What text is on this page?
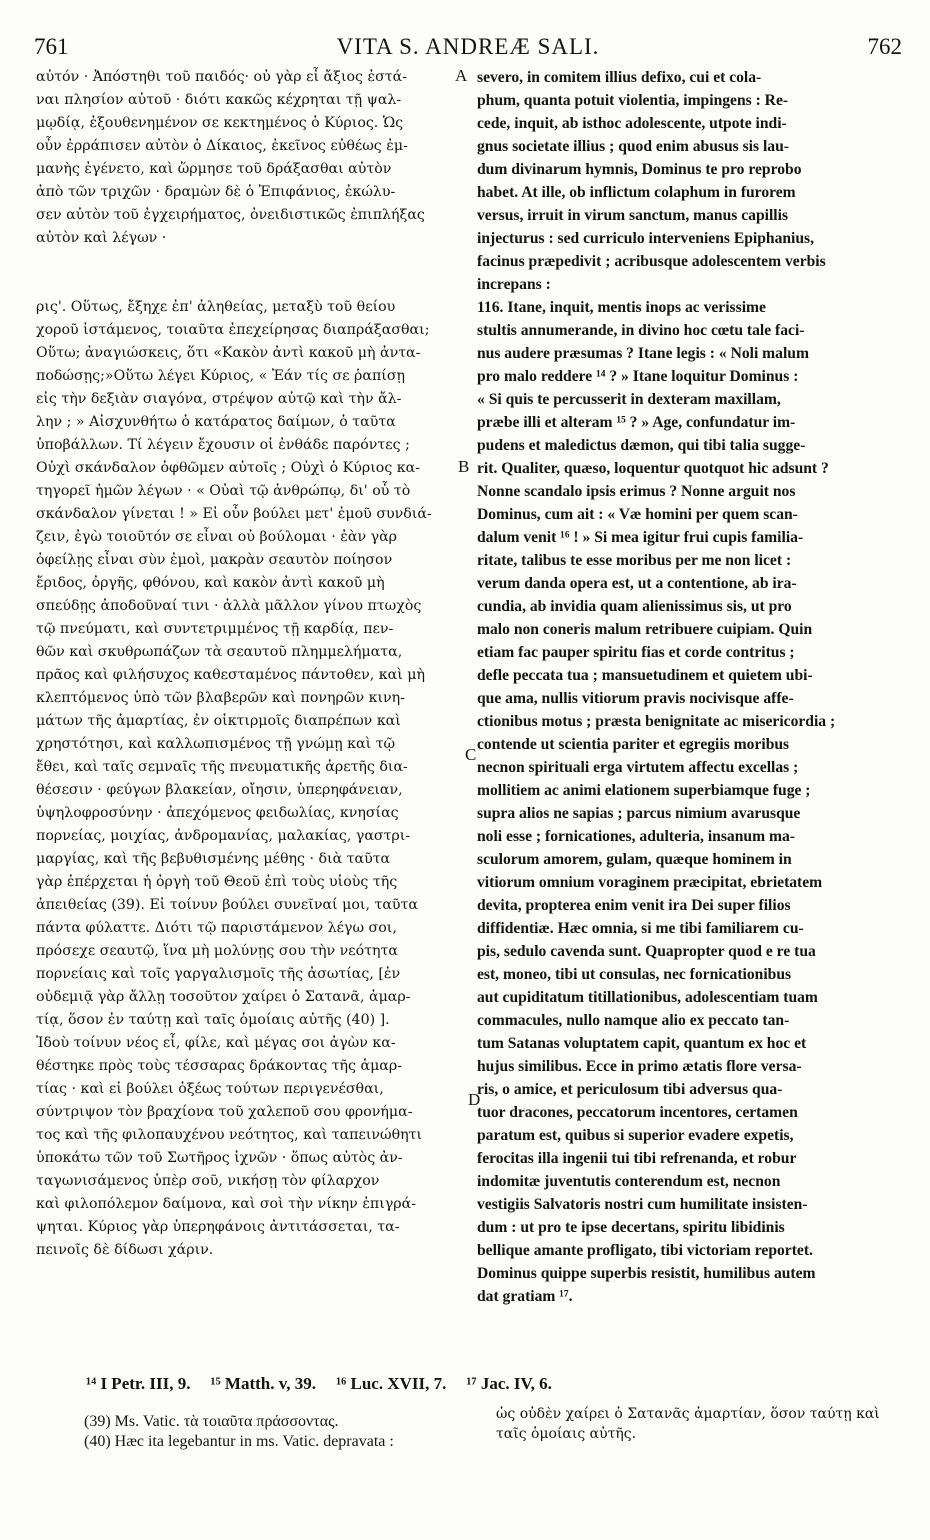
761	VITA S. ANDREÆ SALI.	762
αὐτόν · Ἀπόστηθι τοῦ παιδός· οὐ γὰρ εἶ ἄξιος ἐστά-
ναι πλησίον αὐτοῦ · διότι κακῶς κέχρηται τῇ ψαλ-
μῳδίᾳ, ἐξουθενημένον σε κεκτημένος ὁ Κύριος. Ὡς
οὖν ἐρράπισεν αὐτὸν ὁ Δίκαιος, ἐκεῖνος εὐθέως ἐμ-
μανὴς ἐγένετο, καὶ ὥρμησε τοῦ δράξασθαι αὐτὸν
ἀπὸ τῶν τριχῶν · δραμὼν δὲ ὁ Ἐπιφάνιος, ἐκώλυ-
σεν αὐτὸν τοῦ ἐγχειρήματος, ὀνειδιστικῶς ἐπιπλήξας
αὐτὸν καὶ λέγων ·
ρις'. Οὕτως, ἔξηχε ἐπ' ἀληθείας, μεταξὺ τοῦ θείου
χοροῦ ἱστάμενος, τοιαῦτα ἐπεχείρησας διαπράξασθαι;
Οὕτω; ἀναγιώσκεις, ὅτι «Κακὸν ἀντὶ κακοῦ μὴ ἀντα-
ποδώσῃς;»Οὕτω λέγει Κύριος, « Ἐάν τίς σε ῥαπίσῃ
εἰς τὴν δεξιὰν σιαγόνα, στρέψον αὐτῷ καὶ τὴν ἄλ-
λην ; » Αἰσχυνθήτω ὁ κατάρατος δαίμων, ὁ ταῦτα
ὑποβάλλων. Τί λέγειν ἔχουσιν οἱ ἐνθάδε παρόντες ;
Οὐχὶ σκάνδαλον ὀφθῶμεν αὐτοῖς ; Οὐχὶ ὁ Κύριος κα-
τηγορεῖ ἡμῶν λέγων · « Οὐαὶ τῷ ἀνθρώπῳ, δι' οὗ τὸ
σκάνδαλον γίνεται ! » Εἰ οὖν βούλει μετ' ἐμοῦ συνδιά-
ζειν, ἐγὼ τοιοῦτόν σε εἶναι οὐ βούλομαι · ἐὰν γὰρ
ὀφείλῃς εἶναι σὺν ἐμοὶ, μακρὰν σεαυτὸν ποίησον
ἔριδος, ὀργῆς, φθόνου, καὶ κακὸν ἀντὶ κακοῦ μὴ
σπεύδῃς ἀποδοῦναί τινι · ἀλλὰ μᾶλλον γίνου πτωχὸς
τῷ πνεύματι, καὶ συντετριμμένος τῇ καρδίᾳ, πεν-
θῶν καὶ σκυθρωπάζων τὰ σεαυτοῦ πλημμελήματα,
πρᾶος καὶ φιλήσυχος καθεσταμένος πάντοθεν, καὶ μὴ
κλεπτόμενος ὑπὸ τῶν βλαβερῶν καὶ πονηρῶν κινη-
μάτων τῆς ἁμαρτίας, ἐν οἰκτιρμοῖς διαπρέπων καὶ
χρηστότησι, καὶ καλλωπισμένος τῇ γνώμῃ καὶ τῷ
ἔθει, καὶ ταῖς σεμναῖς τῆς πνευματικῆς ἀρετῆς δια-
θέσεσιν · φεύγων βλακείαν, οἴησιν, ὑπερηφάνειαν,
ὑψηλοφροσύνην · ἀπεχόμενος φειδωλίας, κνησίας
πορνείας, μοιχίας, ἀνδρομανίας, μαλακίας, γαστρι-
μαργίας, καὶ τῆς βεβυθισμένης μέθης · διὰ ταῦτα
γὰρ ἐπέρχεται ἡ ὀργὴ τοῦ Θεοῦ ἐπὶ τοὺς υἱοὺς τῆς
ἀπειθείας (39). Εἰ τοίνυν βούλει συνεῖναί μοι, ταῦτα
πάντα φύλαττε. Διότι τῷ παριστάμενον λέγω σοι,
πρόσεχε σεαυτῷ, ἵνα μὴ μολύνῃς σου τὴν νεότητα
πορνείαις καὶ τοῖς γαργαλισμοῖς τῆς ἀσωτίας, [ἐν
οὐδεμιᾷ γὰρ ἄλλῃ τοσοῦτον χαίρει ὁ Σατανᾶ, ἁμαρ-
τίᾳ, ὅσον ἐν ταύτῃ καὶ ταῖς ὁμοίαις αὐτῆς (40) ].
Ἰδοὺ τοίνυν νέος εἶ, φίλε, καὶ μέγας σοι ἀγὼν κα-
θέστηκε πρὸς τοὺς τέσσαρας δράκοντας τῆς ἁμαρ-
τίας · καὶ εἰ βούλει ὀξέως τούτων περιγενέσθαι,
σύντριψον τὸν βραχίονα τοῦ χαλεποῦ σου φρονήμα-
τος καὶ τῆς φιλοπαυχένου νεότητος, καὶ ταπεινώθητι
ὑποκάτω τῶν τοῦ Σωτῆρος ἰχνῶν · ὅπως αὐτὸς ἀν-
ταγωνισάμενος ὑπὲρ σοῦ, νικήσῃ τὸν φίλαρχον
καὶ φιλοπόλεμον δαίμονα, καὶ σοὶ τὴν νίκην ἐπιγρά-
ψηται. Κύριος γὰρ ὑπερηφάνοις ἀντιτάσσεται, τα-
πεινοῖς δὲ δίδωσι χάριν.
severo, in comitem illius defixo, cui et cola-
phum, quanta potuit violentia, impingens : Re-
cede, inquit, ab isthoc adolescente, utpote indi-
gnus societate illius ; quod enim abusus sis lau-
dum divinarum hymnis, Dominus te pro reprobo
habet. At ille, ob inflictum colaphum in furorem
versus, irruit in virum sanctum, manus capillis
injecturus : sed curriculo interveniens Epiphanius,
facinus præpedivit ; acribusque adolescentem verbis
increpans :
116. Itane, inquit, mentis inops ac verissime
stultis annumerande, in divino hoc cœtu tale faci-
nus audere præsumas ? Itane legis : « Noli malum
pro malo reddere ¹⁴ ? » Itane loquitur Dominus :
« Si quis te percusserit in dexteram maxillam,
præbe illi et alteram ¹⁵ ? » Age, confundatur im-
pudens et maledictus dæmon, qui tibi talia sugge-
rit. Qualiter, quæso, loquentur quotquot hic adsunt ?
Nonne scandalo ipsis erimus ? Nonne arguit nos
Dominus, cum ait : « Væ homini per quem scan-
dalum venit ¹⁶ ! » Si mea igitur frui cupis familia-
ritate, talibus te esse moribus per me non licet :
verum danda opera est, ut a contentione, ab ira-
cundia, ab invidia quam alienissimus sis, ut pro
malo non coneris malum retribuere cuipiam. Quin
etiam fac pauper spiritu fias et corde contritus ;
defle peccata tua ; mansuetudinem et quietem ubi-
que ama, nullis vitiorum pravis nocivisque affe-
ctionibus motus ; præsta benignitate ac misericordia ;
contende ut scientia pariter et egregiis moribus
necnon spirituali erga virtutem affectu excellas ;
mollitiem ac animi elationem superbiamque fuge ;
supra alios ne sapias ; parcus nimium avarusque
noli esse ; fornicationes, adulteria, insanum ma-
sculorum amorem, gulam, quæque hominem in
vitiorum omnium voraginem præcipitat, ebrietatem
devita, propterea enim venit ira Dei super filios
diffidentiæ. Hæc omnia, si me tibi familiarem cu-
pis, sedulo cavenda sunt. Quapropter quod e re tua
est, moneo, tibi ut consulas, nec fornicationibus
aut cupiditatum titillationibus, adolescentiam tuam
commacules, nullo namque alio ex peccato tan-
tum Satanas voluptatem capit, quantum ex hoc et
hujus similibus. Ecce in primo ætatis flore versa-
ris, o amice, et periculosum tibi adversus qua-
tuor dracones, peccatorum incentores, certamen
paratum est, quibus si superior evadere expetis,
ferocitas illa ingenii tui tibi refrenanda, et robur
indomitæ juventutis conterendum est, necnon
vestigiis Salvatoris nostri cum humilitate insisten-
dum : ut pro te ipse decertans, spiritu libidinis
bellique amante profligato, tibi victoriam reportet.
Dominus quippe superbis resistit, humilibus autem
dat gratiam ¹⁷.
A
B
C
D
¹⁴ I Petr. III, 9. ¹⁵ Matth. v, 39. ¹⁶ Luc. XVII, 7. ¹⁷ Jac. IV, 6.
(39) Ms. Vatic. τὰ τοιαῦτα πράσσοντας.
(40) Hæc ita legebantur in ms. Vatic. depravata :
ὡς οὐδὲν χαίρει ὁ Σατανᾶς ἁμαρτίαν, ὅσον ταύτῃ καὶ
ταῖς ὁμοίαις αὐτῆς.
